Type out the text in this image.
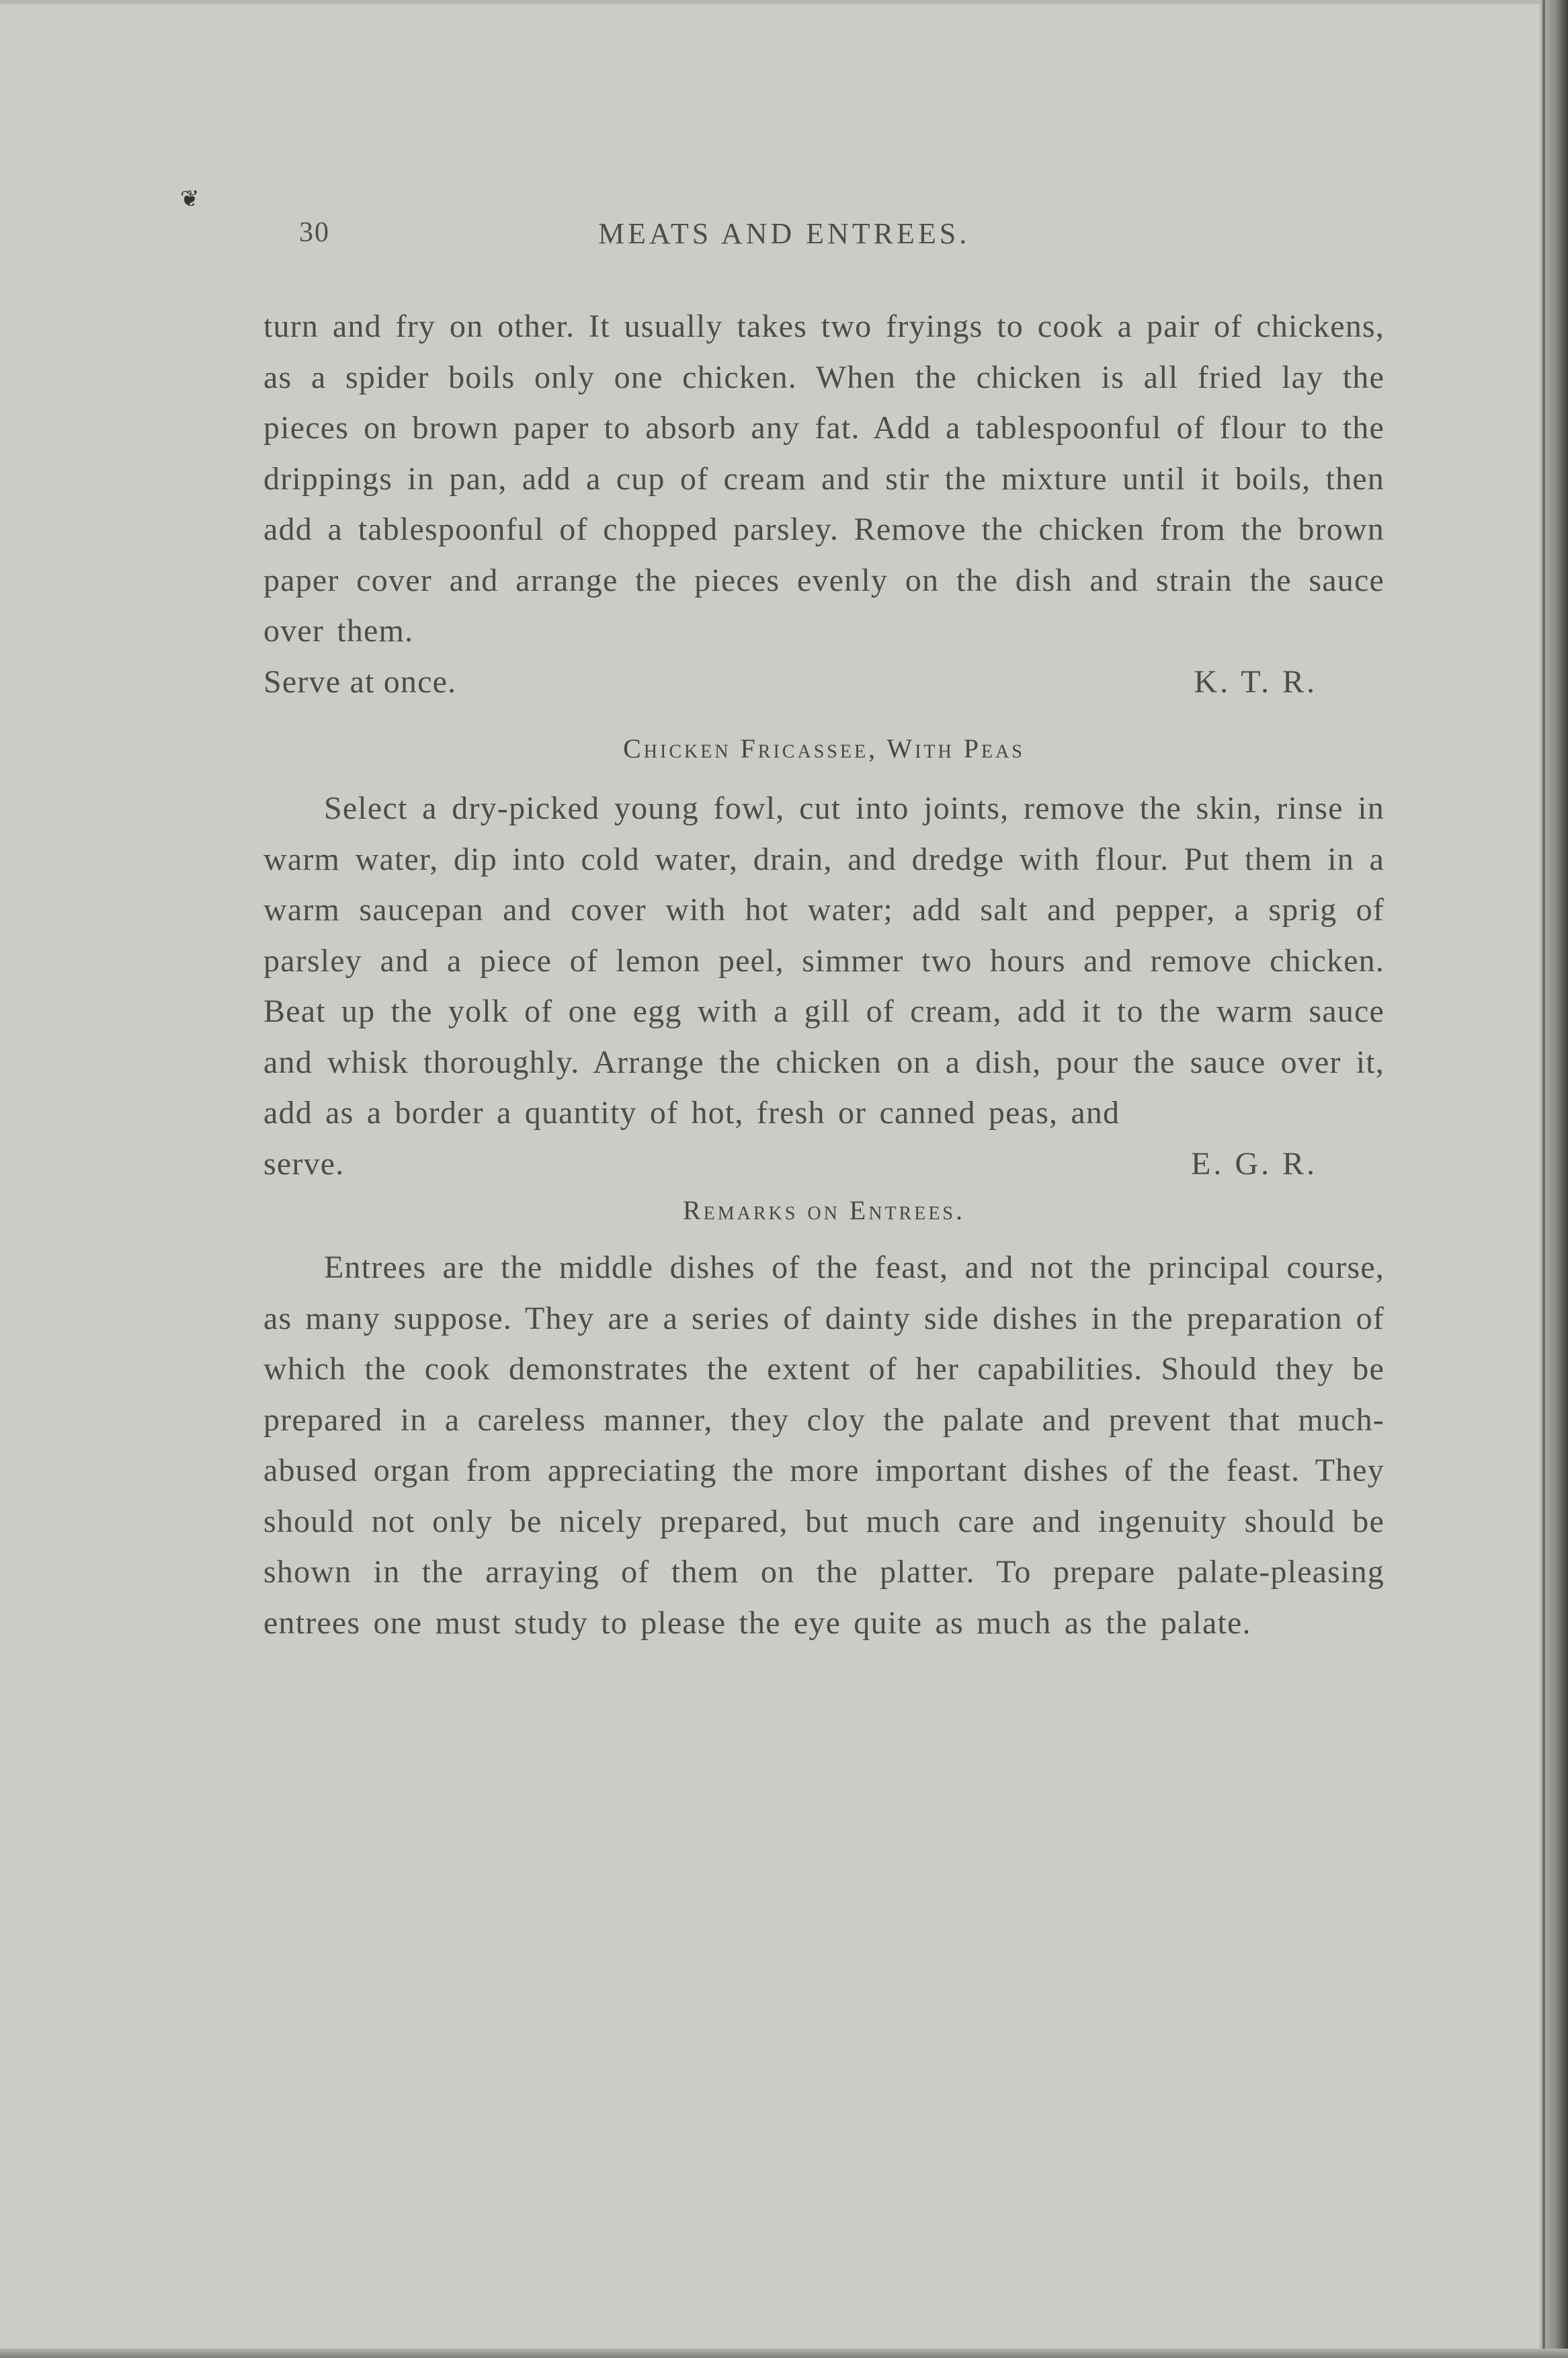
❦
30	MEATS AND ENTREES.

turn and fry on other. It usually takes two fryings to cook a pair of chickens, as a spider boils only one chicken. When the chicken is all fried lay the pieces on brown paper to absorb any fat. Add a tablespoonful of flour to the drippings in pan, add a cup of cream and stir the mixture until it boils, then add a tablespoonful of chopped parsley. Remove the chicken from the brown paper cover and arrange the pieces evenly on the dish and strain the sauce over them.

Serve at once.	K. T. R.
Chicken Fricassee, With Peas

Select a dry-picked young fowl, cut into joints, remove the skin, rinse in warm water, dip into cold water, drain, and dredge with flour. Put them in a warm saucepan and cover with hot water; add salt and pepper, a sprig of parsley and a piece of lemon peel, simmer two hours and remove chicken. Beat up the yolk of one egg with a gill of cream, add it to the warm sauce and whisk thoroughly. Arrange the chicken on a dish, pour the sauce over it, add as a border a quantity of hot, fresh or canned peas, and

serve.	E. G. R.
Remarks on Entrees.

Entrees are the middle dishes of the feast, and not the principal course, as many suppose. They are a series of dainty side dishes in the preparation of which the cook demonstrates the extent of her capabilities. Should they be prepared in a careless manner, they cloy the palate and prevent that much-abused organ from appreciating the more important dishes of the feast. They should not only be nicely prepared, but much care and ingenuity should be shown in the arraying of them on the platter. To prepare palate-pleasing entrees one must study to please the eye quite as much as the palate.
